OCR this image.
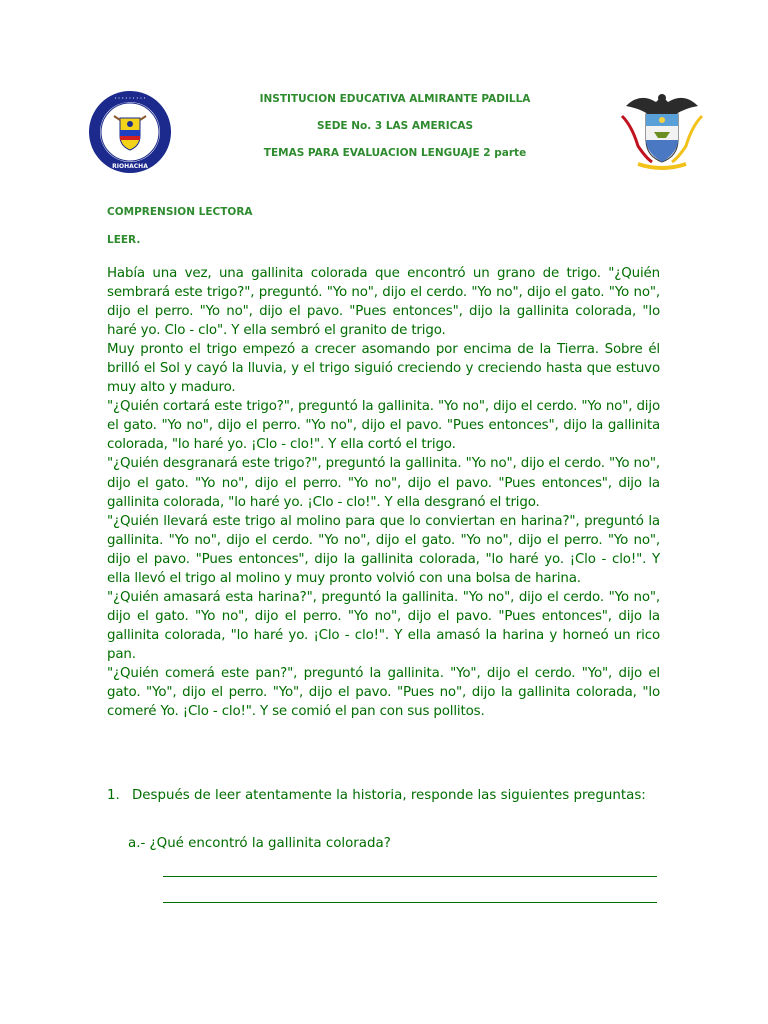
RIOHACHA
· · · · · · · · ·	INSTITUCION EDUCATIVA ALMIRANTE PADILLA
SEDE No. 3 LAS AMERICAS
TEMAS PARA EVALUACION LENGUAJE 2 parte
COMPRENSION LECTORA
LEER.

Había una vez, una gallinita colorada que encontró un grano de trigo. "¿Quién sembrará este trigo?", preguntó. "Yo no", dijo el cerdo. "Yo no", dijo el gato. "Yo no", dijo el perro. "Yo no", dijo el pavo. "Pues entonces", dijo la gallinita colorada, "lo haré yo. Clo - clo". Y ella sembró el granito de trigo.

Muy pronto el trigo empezó a crecer asomando por encima de la Tierra. Sobre él brilló el Sol y cayó la lluvia, y el trigo siguió creciendo y creciendo hasta que estuvo muy alto y maduro.

"¿Quién cortará este trigo?", preguntó la gallinita. "Yo no", dijo el cerdo. "Yo no", dijo el gato. "Yo no", dijo el perro. "Yo no", dijo el pavo. "Pues entonces", dijo la gallinita colorada, "lo haré yo. ¡Clo - clo!". Y ella cortó el trigo.

"¿Quién desgranará este trigo?", preguntó la gallinita. "Yo no", dijo el cerdo. "Yo no", dijo el gato. "Yo no", dijo el perro. "Yo no", dijo el pavo. "Pues entonces", dijo la gallinita colorada, "lo haré yo. ¡Clo - clo!". Y ella desgranó el trigo.

"¿Quién llevará este trigo al molino para que lo conviertan en harina?", preguntó la gallinita. "Yo no", dijo el cerdo. "Yo no", dijo el gato. "Yo no", dijo el perro. "Yo no", dijo el pavo. "Pues entonces", dijo la gallinita colorada, "lo haré yo. ¡Clo - clo!". Y ella llevó el trigo al molino y muy pronto volvió con una bolsa de harina.

"¿Quién amasará esta harina?", preguntó la gallinita. "Yo no", dijo el cerdo. "Yo no", dijo el gato. "Yo no", dijo el perro. "Yo no", dijo el pavo. "Pues entonces", dijo la gallinita colorada, "lo haré yo. ¡Clo - clo!". Y ella amasó la harina y horneó un rico pan.

"¿Quién comerá este pan?", preguntó la gallinita. "Yo", dijo el cerdo. "Yo", dijo el gato. "Yo", dijo el perro. "Yo", dijo el pavo. "Pues no", dijo la gallinita colorada, "lo comeré Yo. ¡Clo - clo!". Y se comió el pan con sus pollitos.

1. Después de leer atentamente la historia, responde las siguientes preguntas:
a.- ¿Qué encontró la gallinita colorada?
